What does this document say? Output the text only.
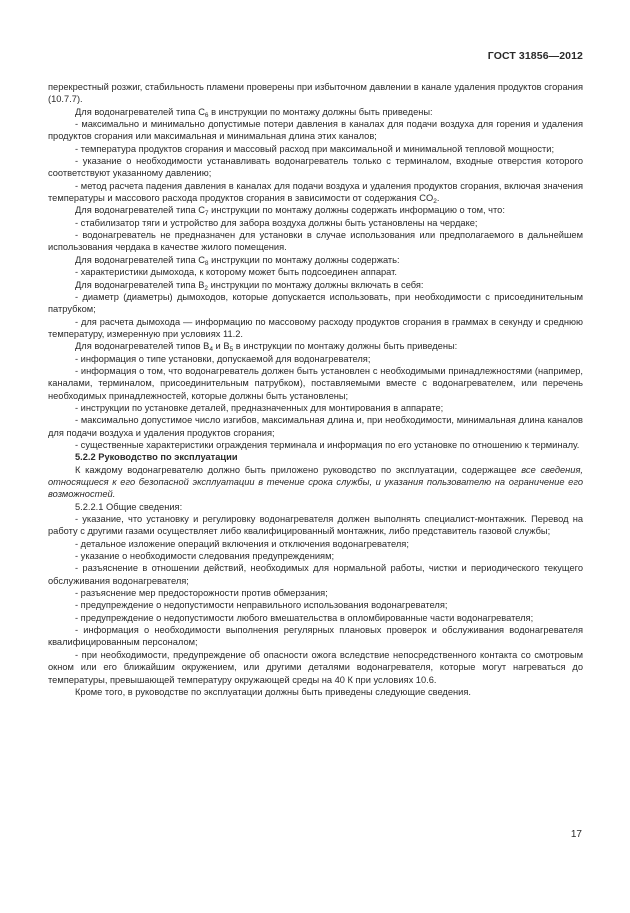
ГОСТ 31856—2012

перекрестный розжиг, стабильность пламени проверены при избыточном давлении в канале удаления продуктов сгорания (10.7.7).

Для водонагревателей типа $С_6$ в инструкции по монтажу должны быть приведены:

- максимально и минимально допустимые потери давления в каналах для подачи воздуха для горения и удаления продуктов сгорания или максимальная и минимальная длина этих каналов;

- температура продуктов сгорания и массовый расход при максимальной и минимальной тепловой мощности;

- указание о необходимости устанавливать водонагреватель только с терминалом, входные отверстия которого соответствуют указанному давлению;

- метод расчета падения давления в каналах для подачи воздуха и удаления продуктов сгорания, включая значения температуры и массового расхода продуктов сгорания в зависимости от содержания $CO_2$.

Для водонагревателей типа $С_7$ инструкции по монтажу должны содержать информацию о том, что:

- стабилизатор тяги и устройство для забора воздуха должны быть установлены на чердаке;

- водонагреватель не предназначен для установки в случае использования или предполагаемого в дальнейшем использования чердака в качестве жилого помещения.

Для водонагревателей типа $С_8$ инструкции по монтажу должны содержать:

- характеристики дымохода, к которому может быть подсоединен аппарат.

Для водонагревателей типа $В_2$ инструкции по монтажу должны включать в себя:

- диаметр (диаметры) дымоходов, которые допускается использовать, при необходимости с присоединительным патрубком;

- для расчета дымохода — информацию по массовому расходу продуктов сгорания в граммах в секунду и среднюю температуру, измеренную при условиях 11.2.

Для водонагревателей типов $В_4$ и $В_5$ в инструкции по монтажу должны быть приведены:

- информация о типе установки, допускаемой для водонагревателя;

- информация о том, что водонагреватель должен быть установлен с необходимыми принадлежностями (например, каналами, терминалом, присоединительным патрубком), поставляемыми вместе с водонагревателем, или перечень необходимых принадлежностей, которые должны быть установлены;

- инструкции по установке деталей, предназначенных для монтирования в аппарате;

- максимально допустимое число изгибов, максимальная длина и, при необходимости, минимальная длина каналов для подачи воздуха и удаления продуктов сгорания;

- существенные характеристики ограждения терминала и информация по его установке по отношению к терминалу.

5.2.2 Руководство по эксплуатации

К каждому водонагревателю должно быть приложено руководство по эксплуатации, содержащее все сведения, относящиеся к его безопасной эксплуатации в течение срока службы, и указания пользователю на ограничение его возможностей.

5.2.2.1 Общие сведения:

- указание, что установку и регулировку водонагревателя должен выполнять специалист-монтажник. Перевод на работу с другими газами осуществляет либо квалифицированный монтажник, либо представитель газовой службы;

- детальное изложение операций включения и отключения водонагревателя;

- указание о необходимости следования предупреждениям;

- разъяснение в отношении действий, необходимых для нормальной работы, чистки и периодического текущего обслуживания водонагревателя;

- разъяснение мер предосторожности против обмерзания;

- предупреждение о недопустимости неправильного использования водонагревателя;

- предупреждение о недопустимости любого вмешательства в опломбированные части водонагревателя;

- информация о необходимости выполнения регулярных плановых проверок и обслуживания водонагревателя квалифицированным персоналом;

- при необходимости, предупреждение об опасности ожога вследствие непосредственного контакта со смотровым окном или его ближайшим окружением, или другими деталями водонагревателя, которые могут нагреваться до температуры, превышающей температуру окружающей среды на 40 К при условиях 10.6.

Кроме того, в руководстве по эксплуатации должны быть приведены следующие сведения.

17
